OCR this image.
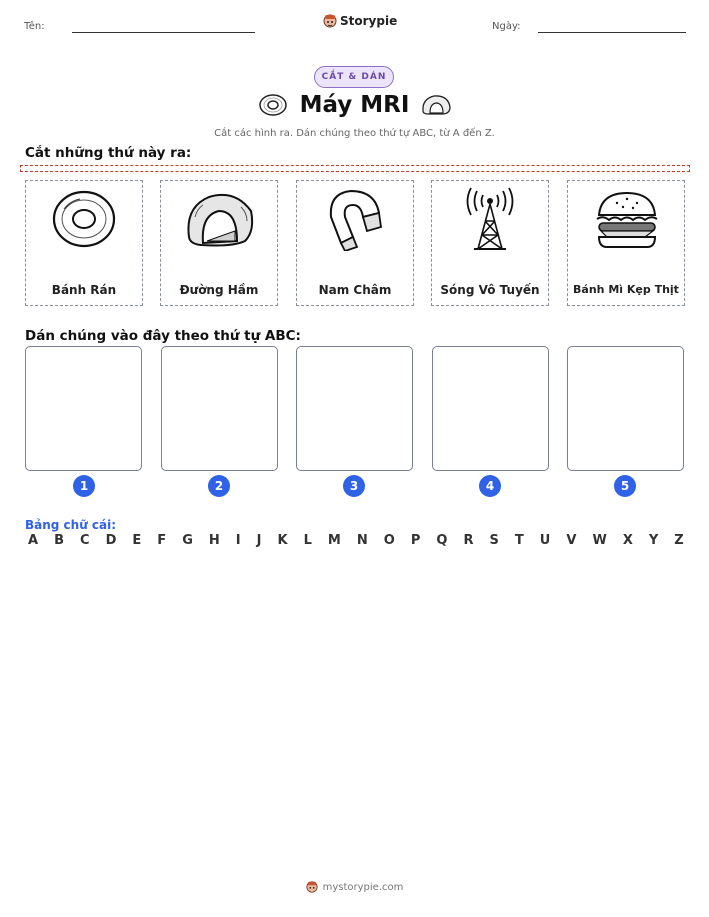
Tên:	Storypie	Ngày:
CẮT & DÁN
Máy MRI
Cắt các hình ra. Dán chúng theo thứ tự ABC, từ A đến Z.
Cắt những thứ này ra:
Bánh Rán	Đường Hầm	Nam Châm	Sóng Vô Tuyến	Bánh Mì Kẹp Thịt
Dán chúng vào đây theo thứ tự ABC:
1	2	3	4	5
Bảng chữ cái:
A B C D E F G H I J K L M N O P Q R S T U V W X Y Z
mystorypie.com
